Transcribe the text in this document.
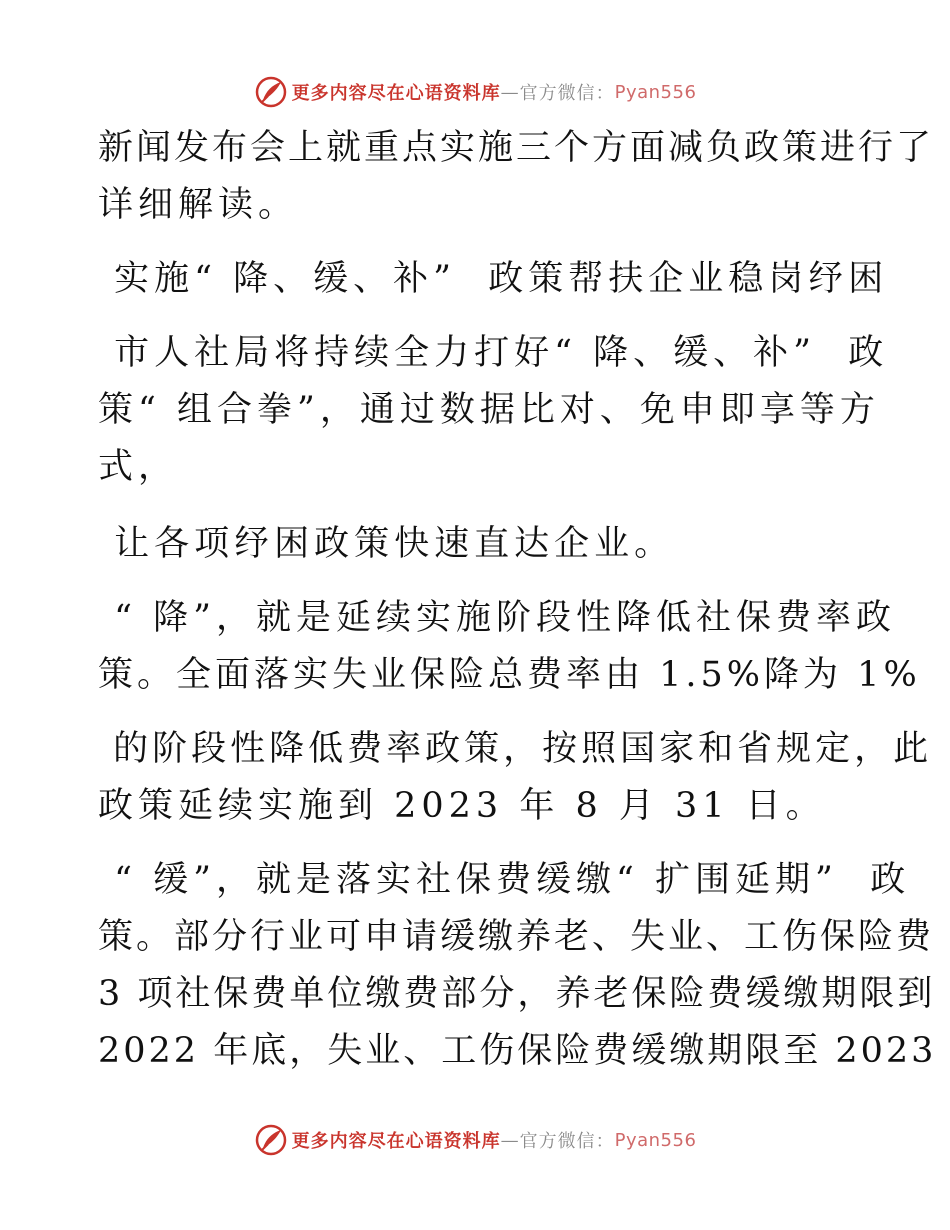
更多内容尽在心语资料库 — 官方微信： Pyan556
新闻发布会上就重点实施三个方面减负政策进行了
详细解读。
实施“ 降、缓、补”  政策帮扶企业稳岗纾困
市人社局将持续全力打好“ 降、缓、补”  政
策“ 组合拳”，通过数据比对、免申即享等方
式，
让各项纾困政策快速直达企业。
“ 降”，就是延续实施阶段性降低社保费率政
策。全面落实失业保险总费率由 1.5%降为 1%
的阶段性降低费率政策，按照国家和省规定，此
政策延续实施到 2023 年 8 月 31 日。
“ 缓”，就是落实社保费缓缴“ 扩围延期”  政
策。部分行业可申请缓缴养老、失业、工伤保险费
3 项社保费单位缴费部分，养老保险费缓缴期限到
2022 年底，失业、工伤保险费缓缴期限至 2023
更多内容尽在心语资料库 — 官方微信： Pyan556
